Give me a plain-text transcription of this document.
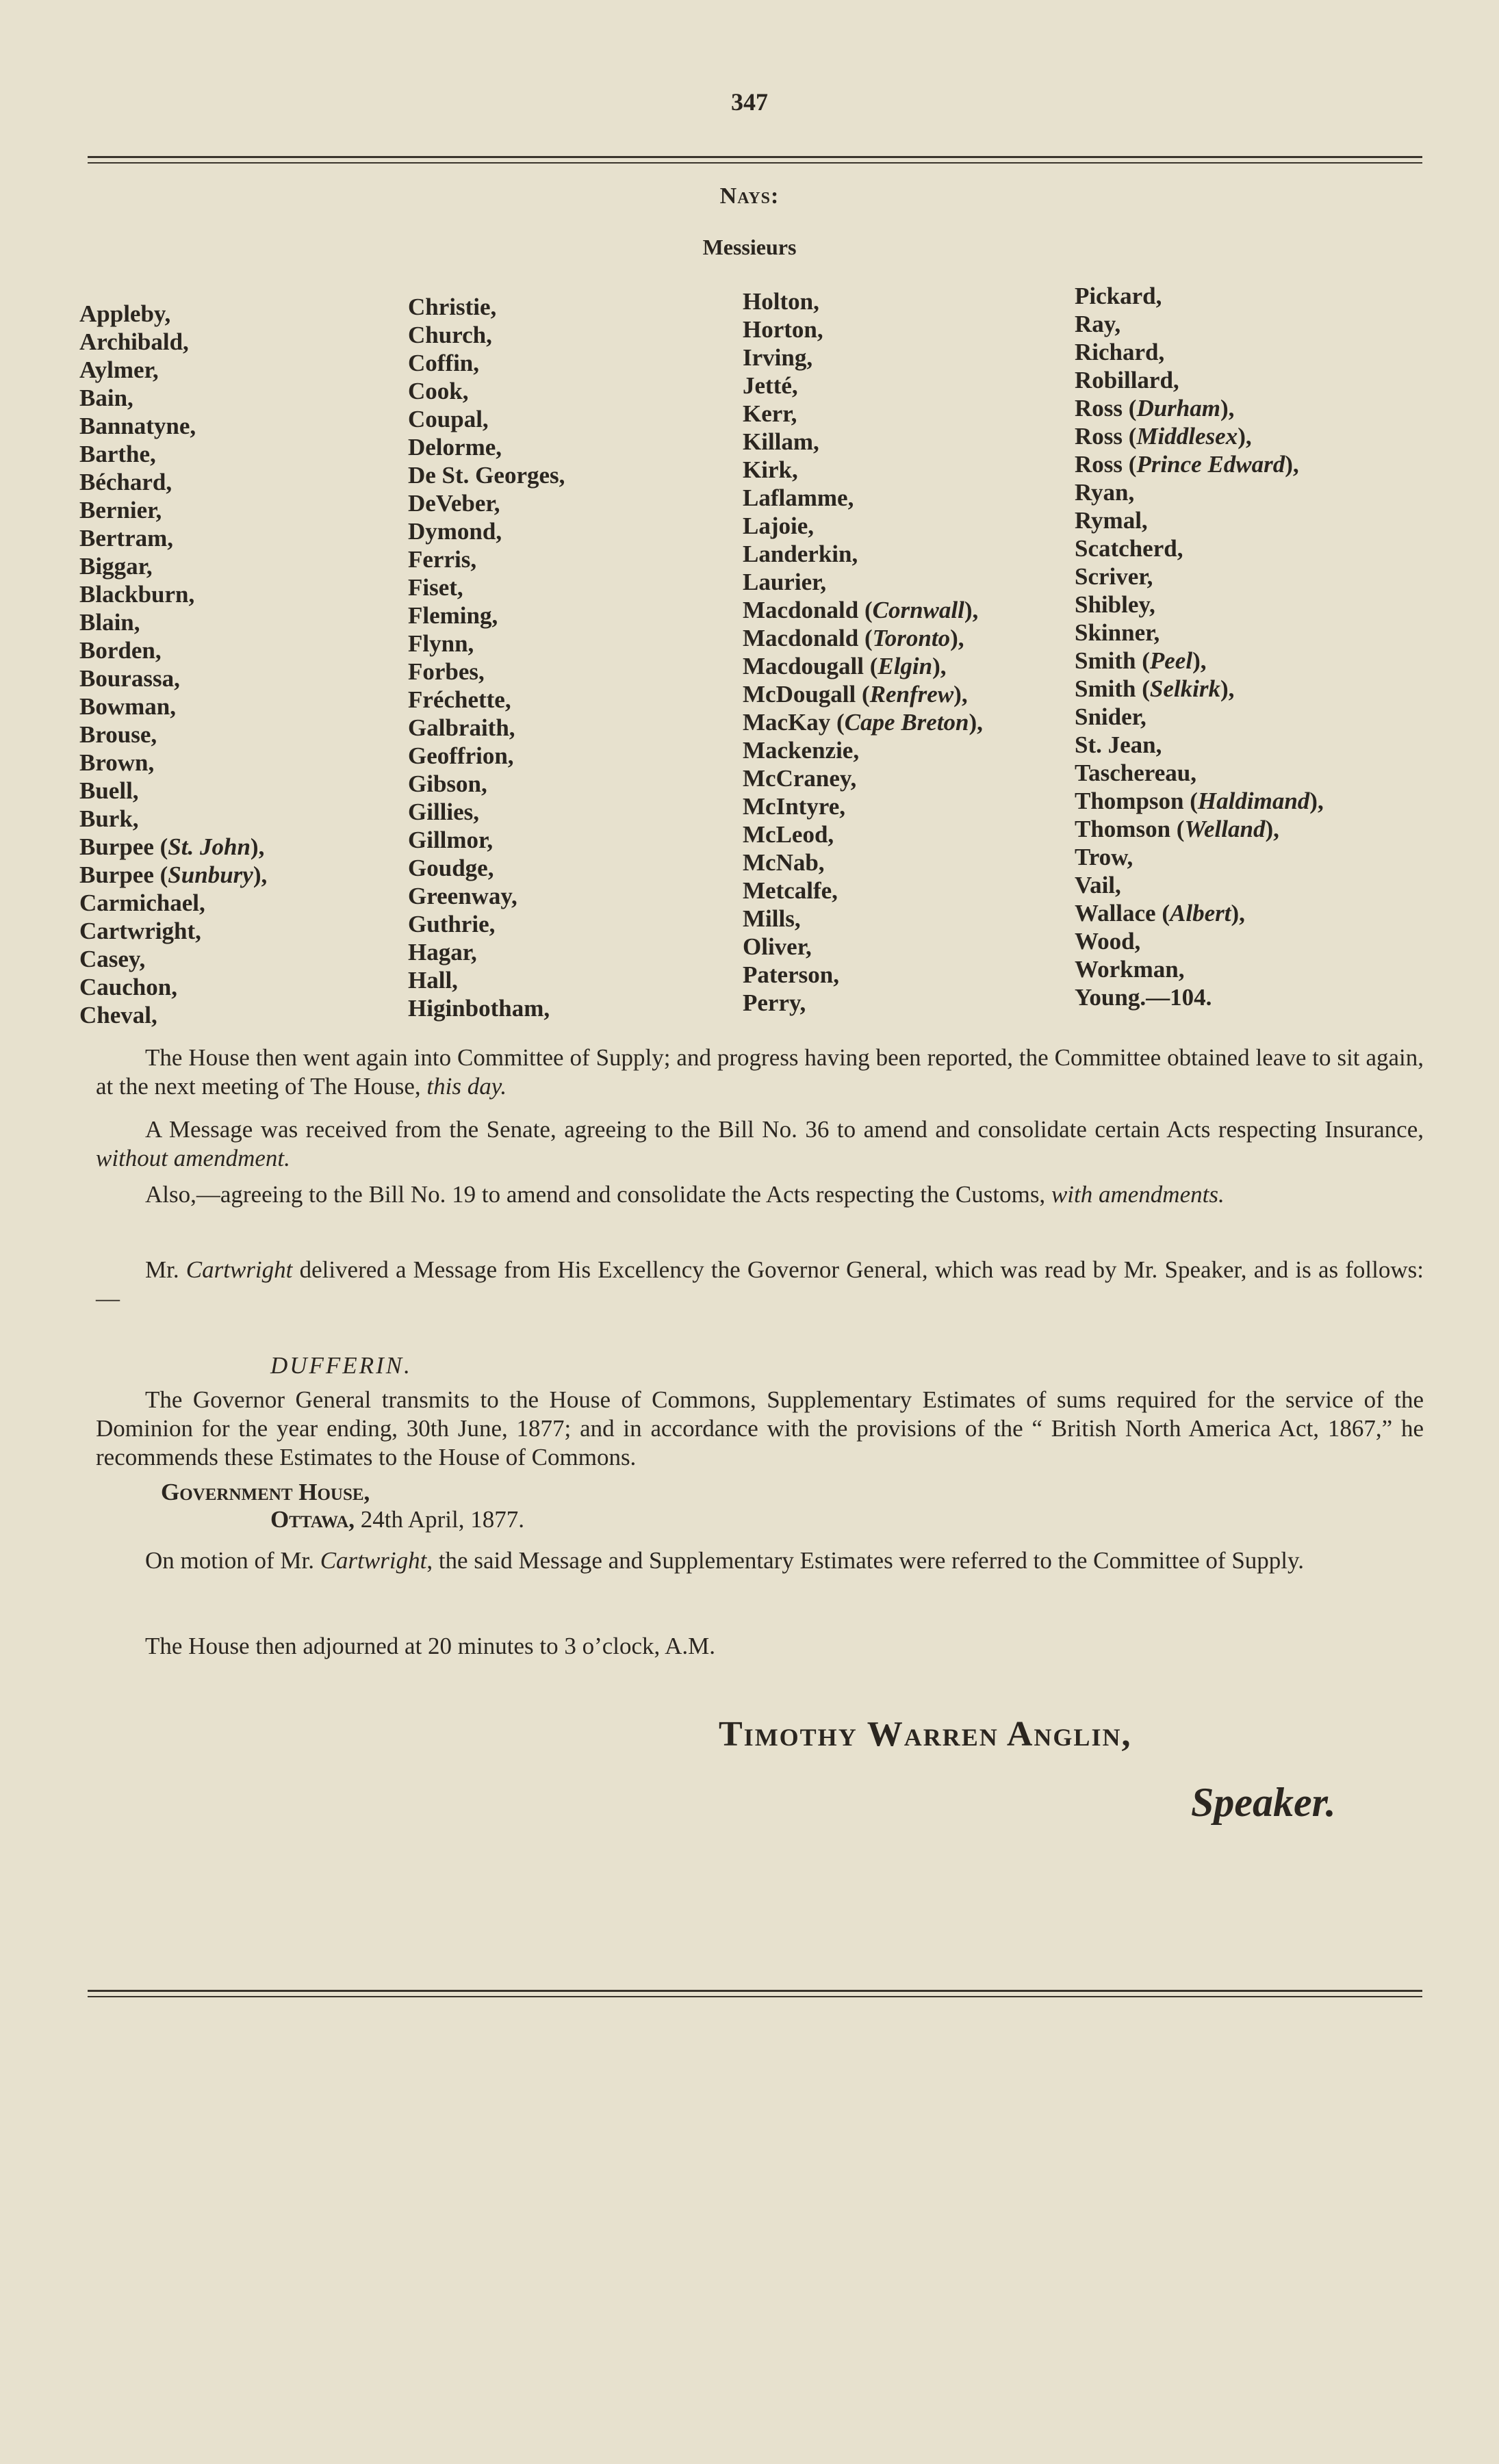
347
Nays:
Messieurs
Appleby,
Archibald,
Aylmer,
Bain,
Bannatyne,
Barthe,
Béchard,
Bernier,
Bertram,
Biggar,
Blackburn,
Blain,
Borden,
Bourassa,
Bowman,
Brouse,
Brown,
Buell,
Burk,
Burpee (St. John),
Burpee (Sunbury),
Carmichael,
Cartwright,
Casey,
Cauchon,
Cheval,
Christie,
Church,
Coffin,
Cook,
Coupal,
Delorme,
De St. Georges,
DeVeber,
Dymond,
Ferris,
Fiset,
Fleming,
Flynn,
Forbes,
Fréchette,
Galbraith,
Geoffrion,
Gibson,
Gillies,
Gillmor,
Goudge,
Greenway,
Guthrie,
Hagar,
Hall,
Higinbotham,
Holton,
Horton,
Irving,
Jetté,
Kerr,
Killam,
Kirk,
Laflamme,
Lajoie,
Landerkin,
Laurier,
Macdonald (Cornwall),
Macdonald (Toronto),
Macdougall (Elgin),
McDougall (Renfrew),
MacKay (Cape Breton),
Mackenzie,
McCraney,
McIntyre,
McLeod,
McNab,
Metcalfe,
Mills,
Oliver,
Paterson,
Perry,
Pickard,
Ray,
Richard,
Robillard,
Ross (Durham),
Ross (Middlesex),
Ross (Prince Edward),
Ryan,
Rymal,
Scatcherd,
Scriver,
Shibley,
Skinner,
Smith (Peel),
Smith (Selkirk),
Snider,
St. Jean,
Taschereau,
Thompson (Haldimand),
Thomson (Welland),
Trow,
Vail,
Wallace (Albert),
Wood,
Workman,
Young.—104.
The House then went again into Committee of Supply; and progress having been reported, the Committee obtained leave to sit again, at the next meeting of The House, this day.
A Message was received from the Senate, agreeing to the Bill No. 36 to amend and consolidate certain Acts respecting Insurance, without amendment.
Also,—agreeing to the Bill No. 19 to amend and consolidate the Acts respecting the Customs, with amendments.
Mr. Cartwright delivered a Message from His Excellency the Governor General, which was read by Mr. Speaker, and is as follows:—
DUFFERIN.
The Governor General transmits to the House of Commons, Supplementary Estimates of sums required for the service of the Dominion for the year ending, 30th June, 1877; and in accordance with the provisions of the “ British North America Act, 1867,” he recommends these Estimates to the House of Commons.
Government House,
Ottawa, 24th April, 1877.
On motion of Mr. Cartwright, the said Message and Supplementary Estimates were referred to the Committee of Supply.
The House then adjourned at 20 minutes to 3 o’clock, A.M.
Timothy Warren Anglin,
Speaker.
